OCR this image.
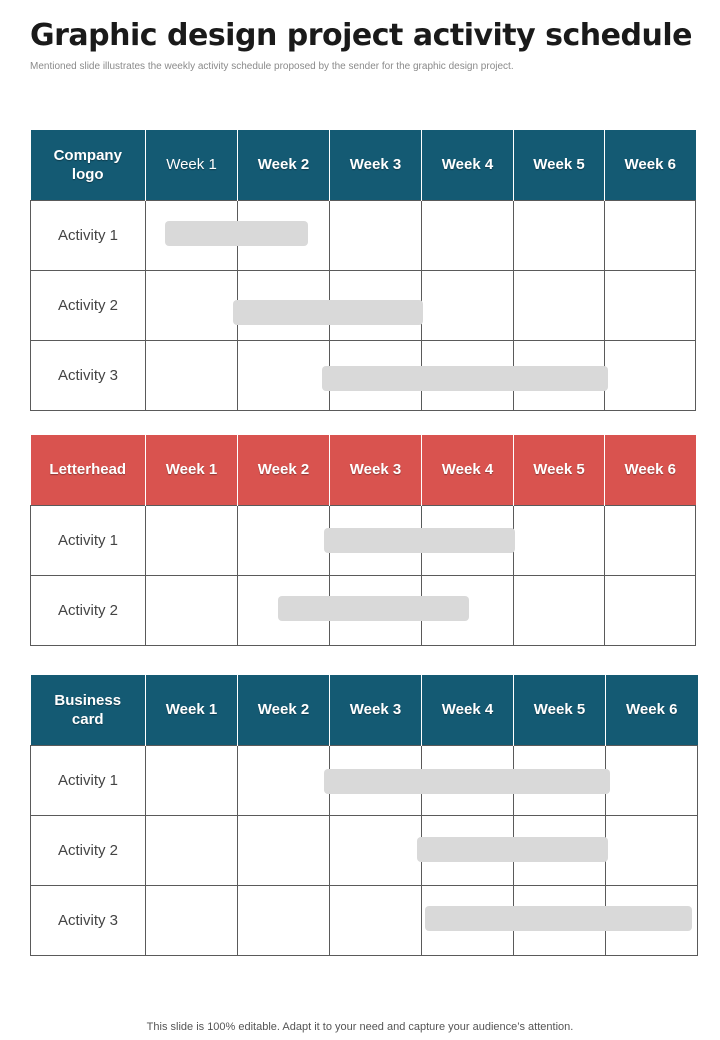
Graphic design project activity schedule
Mentioned slide illustrates the weekly activity schedule proposed by the sender for the graphic design project.
Company logo	Week 1	Week 2	Week 3	Week 4	Week 5	Week 6
Activity 1						
Activity 2						
Activity 3						
Letterhead	Week 1	Week 2	Week 3	Week 4	Week 5	Week 6
Activity 1						
Activity 2						
Business card	Week 1	Week 2	Week 3	Week 4	Week 5	Week 6
Activity 1						
Activity 2						
Activity 3						
This slide is 100% editable. Adapt it to your need and capture your audience’s attention.
